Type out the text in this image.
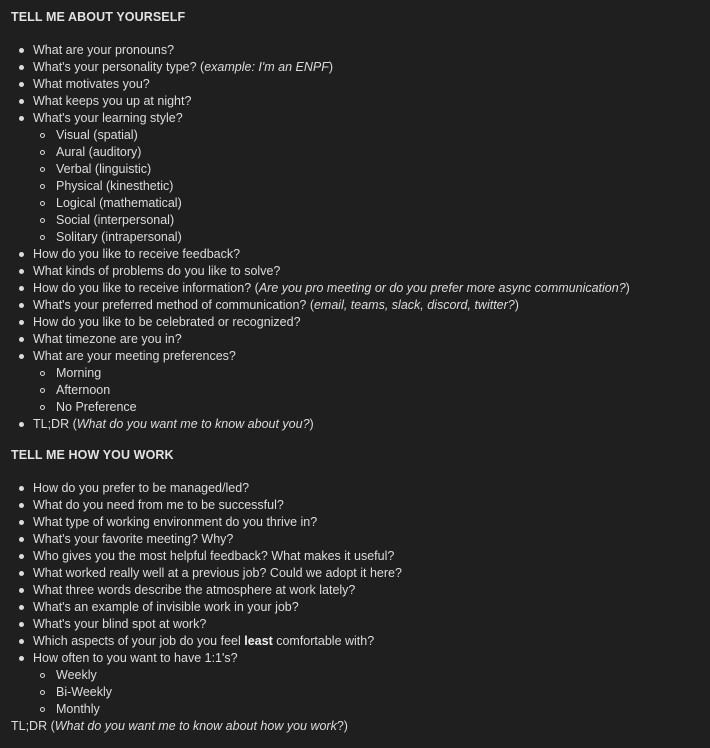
TELL ME ABOUT YOURSELF
What are your pronouns?
What's your personality type? (example: I'm an ENPF)
What motivates you?
What keeps you up at night?
What's your learning style?
Visual (spatial)
Aural (auditory)
Verbal (linguistic)
Physical (kinesthetic)
Logical (mathematical)
Social (interpersonal)
Solitary (intrapersonal)
How do you like to receive feedback?
What kinds of problems do you like to solve?
How do you like to receive information? (Are you pro meeting or do you prefer more async communication?)
What's your preferred method of communication? (email, teams, slack, discord, twitter?)
How do you like to be celebrated or recognized?
What timezone are you in?
What are your meeting preferences?
Morning
Afternoon
No Preference
TL;DR (What do you want me to know about you?)
TELL ME HOW YOU WORK
How do you prefer to be managed/led?
What do you need from me to be successful?
What type of working environment do you thrive in?
What's your favorite meeting? Why?
Who gives you the most helpful feedback? What makes it useful?
What worked really well at a previous job? Could we adopt it here?
What three words describe the atmosphere at work lately?
What's an example of invisible work in your job?
What's your blind spot at work?
Which aspects of your job do you feel least comfortable with?
How often to you want to have 1:1's?
Weekly
Bi-Weekly
Monthly
TL;DR (What do you want me to know about how you work?)
